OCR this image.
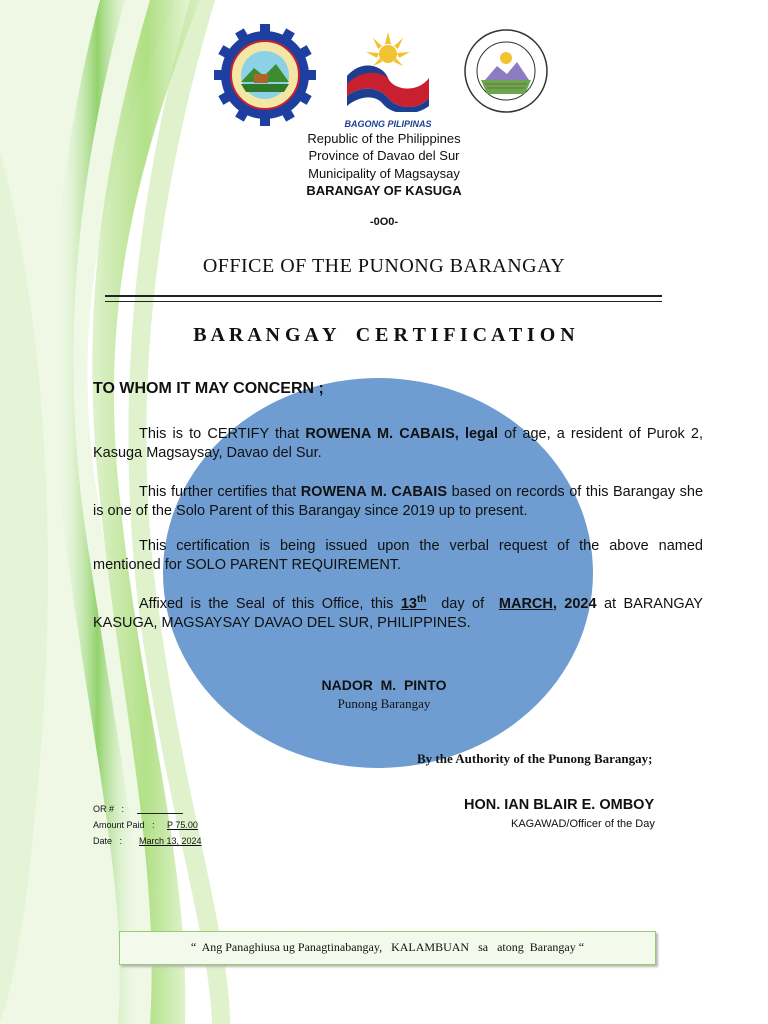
BAGONG PILIPINAS
Republic of the Philippines
Province of Davao del Sur
Municipality of Magsaysay
BARANGAY OF KASUGA
-0O0-
OFFICE OF THE PUNONG BARANGAY
B A R A N G A Y    C E R T I F I C A T I O N
TO WHOM IT MAY CONCERN ;
This is to CERTIFY that ROWENA M. CABAIS, legal of age, a resident of Purok 2, Kasuga Magsaysay, Davao del Sur.
This further certifies that ROWENA M. CABAIS based on records of this Barangay she is one of the Solo Parent of this Barangay since 2019 up to present.
This certification is being issued upon the verbal request of the above named mentioned for SOLO PARENT REQUIREMENT.
Affixed is the Seal of this Office, this 13th  day of  MARCH, 2024 at BARANGAY KASUGA, MAGSAYSAY DAVAO DEL SUR, PHILIPPINES.
NADOR  M.  PINTO
Punong Barangay
By the Authority of the Punong Barangay;
HON. IAN BLAIR E. OMBOY
KAGAWAD/Officer of the Day
OR #   :
Amount Paid   : P 75.00
Date   : March 13, 2024
“  Ang Panaghiusa ug Panagtinabangay,   KALAMBUAN   sa   atong  Barangay “
